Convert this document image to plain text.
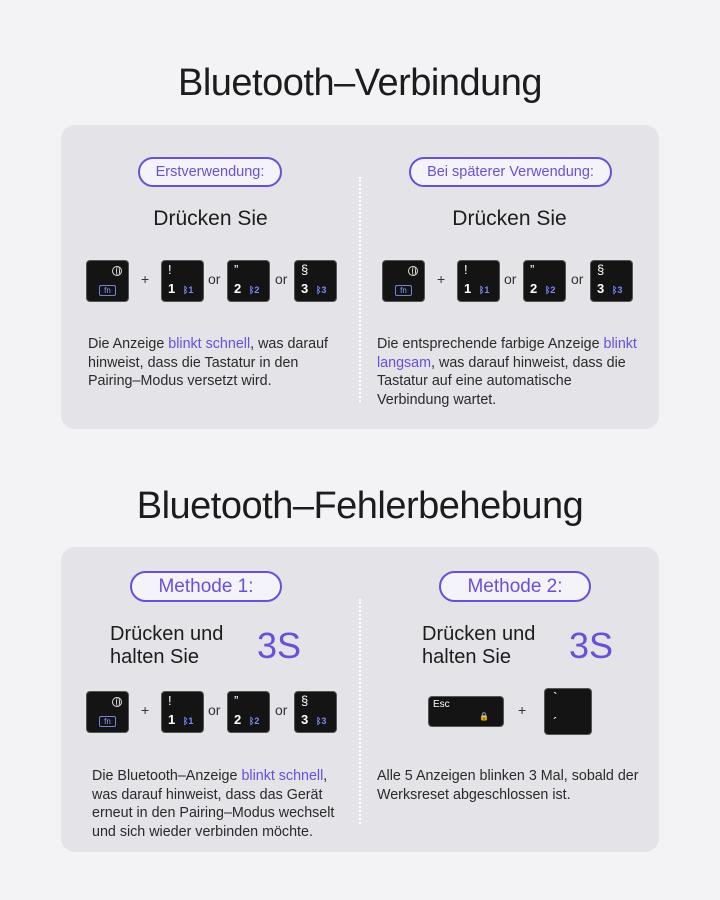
Bluetooth–Verbindung
Erstverwendung:
Drücken Sie
fn
+
!
1 ᛒ1
or
”
2 ᛒ2
or
§
3 ᛒ3
Die Anzeige blinkt schnell, was darauf hinweist, dass die Tastatur in den Pairing–Modus versetzt wird.
Bei späterer Verwendung:
Drücken Sie
fn
+
!
1 ᛒ1
or
”
2 ᛒ2
or
§
3 ᛒ3
Die entsprechende farbige Anzeige blinkt langsam, was darauf hinweist, dass die Tastatur auf eine automatische Verbindung wartet.
Bluetooth–Fehlerbehebung
Methode 1:
Drücken und
halten Sie	3S
fn
+
!
1 ᛒ1
or
”
2 ᛒ2
or
§
3 ᛒ3
Die Bluetooth–Anzeige blinkt schnell, was darauf hinweist, dass das Gerät erneut in den Pairing–Modus wechselt und sich wieder verbinden möchte.
Methode 2:
Drücken und
halten Sie	3S
Esc
🔒 +
`
´
Alle 5 Anzeigen blinken 3 Mal, sobald der Werksreset abgeschlossen ist.
